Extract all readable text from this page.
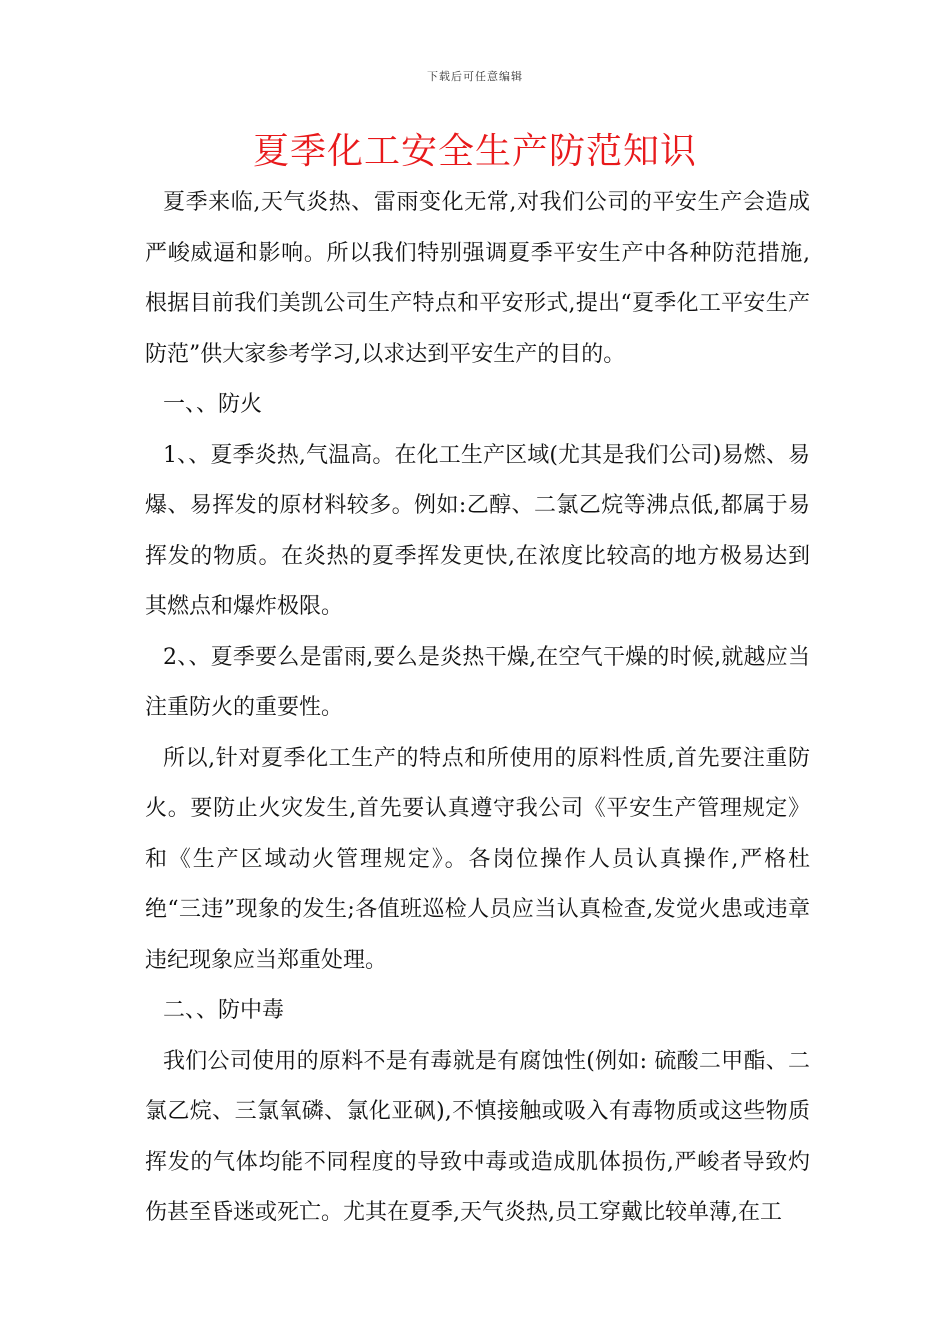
下载后可任意编辑
夏季化工安全生产防范知识

夏季来临,天气炎热、雷雨变化无常,对我们公司的平安生产会造成严峻威逼和影响。所以我们特别强调夏季平安生产中各种防范措施,根据目前我们美凯公司生产特点和平安形式,提出“夏季化工平安生产防范”供大家参考学习,以求达到平安生产的目的。

一、、防火

1、、夏季炎热,气温高。在化工生产区域(尤其是我们公司)易燃、易爆、易挥发的原材料较多。例如:乙醇、二氯乙烷等沸点低,都属于易挥发的物质。在炎热的夏季挥发更快,在浓度比较高的地方极易达到其燃点和爆炸极限。

2、、夏季要么是雷雨,要么是炎热干燥,在空气干燥的时候,就越应当注重防火的重要性。

所以,针对夏季化工生产的特点和所使用的原料性质,首先要注重防火。要防止火灾发生,首先要认真遵守我公司《平安生产管理规定》和《生产区域动火管理规定》。各岗位操作人员认真操作,严格杜绝“三违”现象的发生;各值班巡检人员应当认真检查,发觉火患或违章违纪现象应当郑重处理。

二、、防中毒

我们公司使用的原料不是有毒就是有腐蚀性(例如: 硫酸二甲酯、二氯乙烷、三氯氧磷、氯化亚砜),不慎接触或吸入有毒物质或这些物质挥发的气体均能不同程度的导致中毒或造成肌体损伤,严峻者导致灼伤甚至昏迷或死亡。尤其在夏季,天气炎热,员工穿戴比较单薄,在工
